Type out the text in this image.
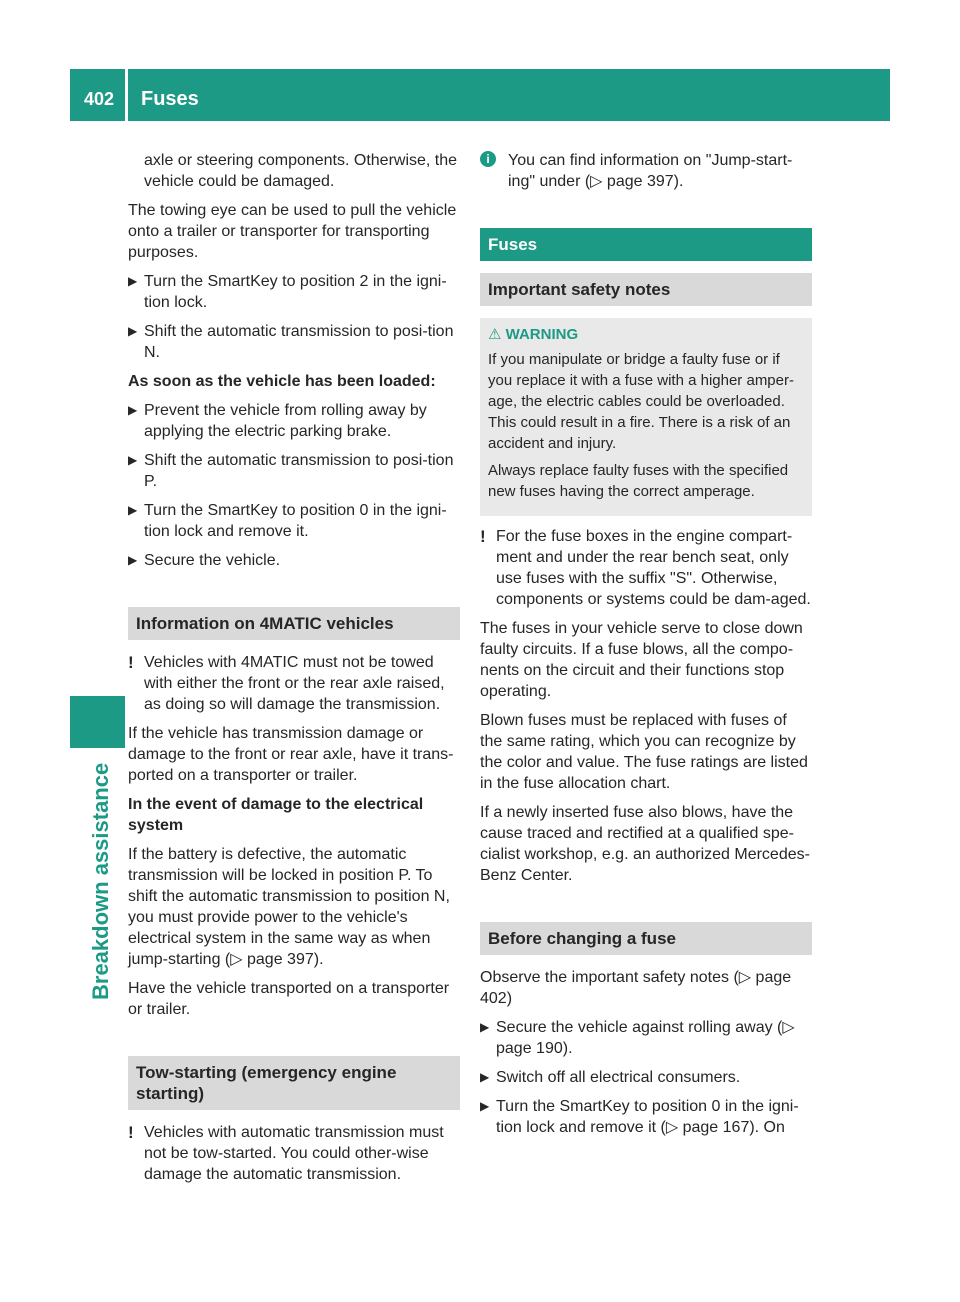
402 Fuses
Breakdown assistance

axle or steering components. Otherwise, the vehicle could be damaged.

The towing eye can be used to pull the vehicle onto a trailer or transporter for transporting purposes.

▶ Turn the SmartKey to position 2 in the igni-tion lock.
▶ Shift the automatic transmission to posi-tion N.

As soon as the vehicle has been loaded:

▶ Prevent the vehicle from rolling away by applying the electric parking brake.
▶ Shift the automatic transmission to posi-tion P.
▶ Turn the SmartKey to position 0 in the igni-tion lock and remove it.
▶ Secure the vehicle.
Information on 4MATIC vehicles
! Vehicles with 4MATIC must not be towed with either the front or the rear axle raised, as doing so will damage the transmission.

If the vehicle has transmission damage or damage to the front or rear axle, have it trans-ported on a transporter or trailer.

In the event of damage to the electrical system

If the battery is defective, the automatic transmission will be locked in position P. To shift the automatic transmission to position N, you must provide power to the vehicle's electrical system in the same way as when jump-starting (▷ page 397).

Have the vehicle transported on a transporter or trailer.

Tow-starting (emergency engine starting)
! Vehicles with automatic transmission must not be tow-started. You could other-wise damage the automatic transmission.
i	You can find information on "Jump-start-ing" under (▷ page 397).
Fuses
Important safety notes
⚠ WARNING

If you manipulate or bridge a faulty fuse or if you replace it with a fuse with a higher amper-age, the electric cables could be overloaded. This could result in a fire. There is a risk of an accident and injury.

Always replace faulty fuses with the specified new fuses having the correct amperage.

! For the fuse boxes in the engine compart-ment and under the rear bench seat, only use fuses with the suffix "S". Otherwise, components or systems could be dam-aged.

The fuses in your vehicle serve to close down faulty circuits. If a fuse blows, all the compo-nents on the circuit and their functions stop operating.

Blown fuses must be replaced with fuses of the same rating, which you can recognize by the color and value. The fuse ratings are listed in the fuse allocation chart.

If a newly inserted fuse also blows, have the cause traced and rectified at a qualified spe-cialist workshop, e.g. an authorized Mercedes-Benz Center.

Before changing a fuse

Observe the important safety notes (▷ page 402)

▶ Secure the vehicle against rolling away (▷ page 190).
▶ Switch off all electrical consumers.
▶ Turn the SmartKey to position 0 in the igni-tion lock and remove it (▷ page 167). On
